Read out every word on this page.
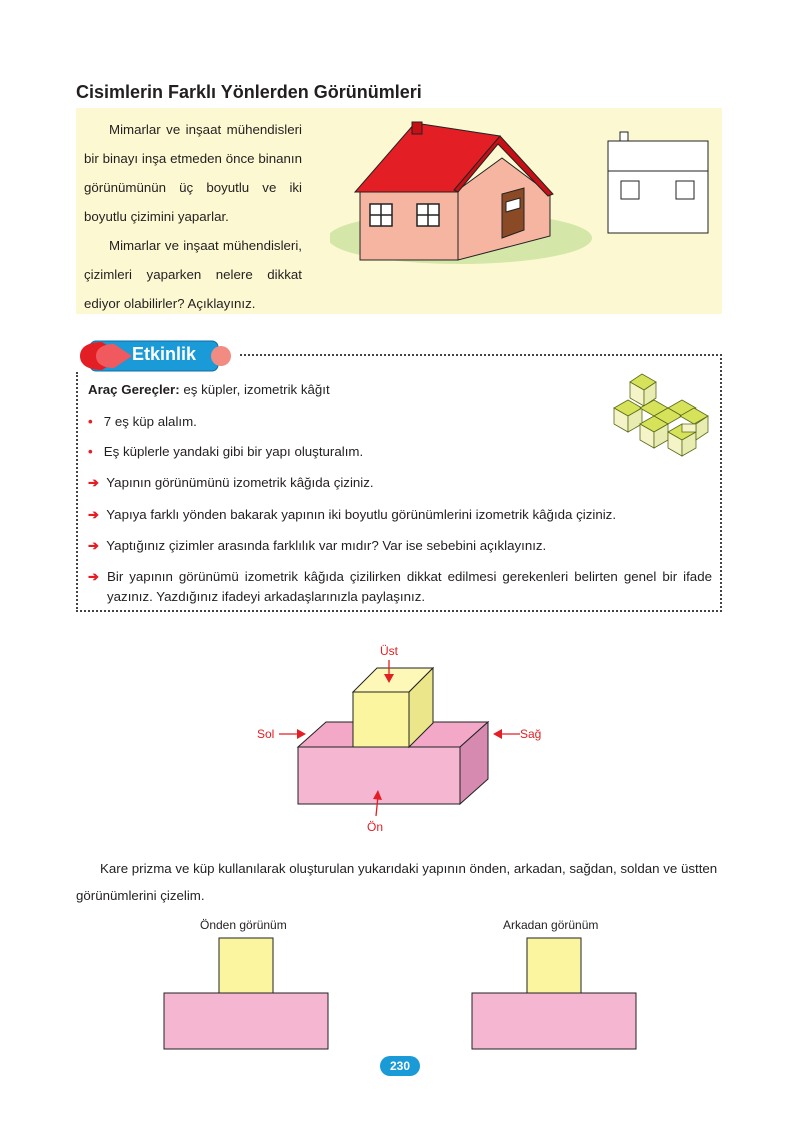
Cisimlerin Farklı Yönlerden Görünümleri

Mimarlar ve inşaat mühendisleri bir binayı inşa etmeden önce binanın görünümünün üç boyutlu ve iki boyutlu çizimini yaparlar.

Mimarlar ve inşaat mühendisleri, çizimleri yaparken nelere dikkat ediyor olabilirler? Açıklayınız.

Etkinlik
Araç Gereçler: eş küpler, izometrik kâğıt
• 7 eş küp alalım.
• Eş küplerle yandaki gibi bir yapı oluşturalım.
➔ Yapının görünümünü izometrik kâğıda çiziniz.
➔ Yapıya farklı yönden bakarak yapının iki boyutlu görünümlerini izometrik kâğıda çiziniz.
➔ Yaptığınız çizimler arasında farklılık var mıdır? Var ise sebebini açıklayınız.
➔ Bir yapının görünümü izometrik kâğıda çizilirken dikkat edilmesi gerekenleri belirten genel bir ifade yazınız. Yazdığınız ifadeyi arkadaşlarınızla paylaşınız.
Üst
Sol	Sağ
Ön
Kare prizma ve küp kullanılarak oluşturulan yukarıdaki yapının önden, arkadan, sağdan, soldan ve üstten görünümlerini çizelim.
Önden görünüm	Arkadan görünüm
230
